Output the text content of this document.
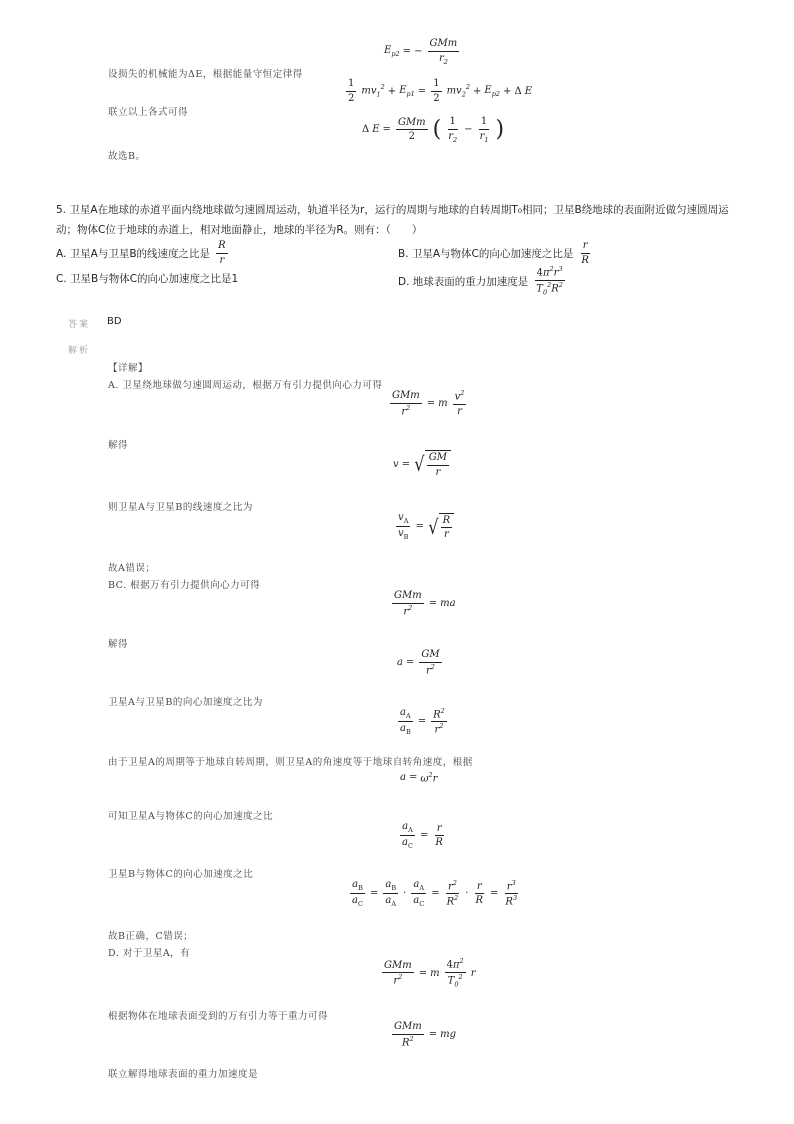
$E_{p2}$ = − $\frac{\text{GMm}}{r_2}$
设损失的机械能为ΔE，根据能量守恒定律得
$\frac{1}{2} mv_1^2 + E_{p1} = \frac{1}{2} mv_2^2 + E_{p2} + \Delta$ E
联立以上各式可得
Δ $E = \frac{\text{GMm}}{2}$ ( $\frac{1}{r_2} - \frac{1}{r_1}$ )
故选B。
5. 卫星A在地球的赤道平面内绕地球做匀速圆周运动，轨道半径为r，运行的周期与地球的自转周期T₀相同；卫星B绕地球的表面附近做匀速圆周运
动；物体C位于地球的赤道上，相对地面静止，地球的半径为R。则有：（　　）
A. 卫星A与卫星B的线速度之比是 $\frac{R}{r}$	B. 卫星A与物体C的向心加速度之比是 $\frac{r}{R}$
C. 卫星B与物体C的向心加速度之比是1	D. 地球表面的重力加速度是 $\frac{4\pi^2r^3}{T_0^2R^2}$
答案 BD
解析
【详解】
A. 卫星绕地球做匀速圆周运动，根据万有引力提供向心力可得
$\frac{\text{GMm}}{r^2} = m \frac{v^2}{r}$
解得
v = √ $\frac{GM}{r}$
则卫星A与卫星B的线速度之比为
$\frac{v_A}{v_B}$ = √ $\frac{R}{r}$
故A错误；
BC. 根据万有引力提供向心力可得
$\frac{\text{GMm}}{r^2}$ = ma
解得
$a = \frac{GM}{r^2}$
卫星A与卫星B的向心加速度之比为
$\frac{a_A}{a_B} = \frac{R^2}{r^2}$
由于卫星A的周期等于地球自转周期，则卫星A的角速度等于地球自转角速度，根据
$a = \omega^2r$
可知卫星A与物体C的向心加速度之比
$\frac{a_A}{a_C} = \frac{r}{R}$
卫星B与物体C的向心加速度之比
$\frac{a_B}{a_C} = \frac{a_B}{a_A} \cdot \frac{a_A}{a_C} = \frac{r^2}{R^2} \cdot \frac{r}{R} = \frac{r^3}{R^3}$
故B正确，C错误；
D. 对于卫星A，有
$\frac{\text{GMm}}{r^2} = m \frac{4\pi^2}{T_0^2}$ r
根据物体在地球表面受到的万有引力等于重力可得
$\frac{\text{GMm}}{R^2}$ = mg
联立解得地球表面的重力加速度是
